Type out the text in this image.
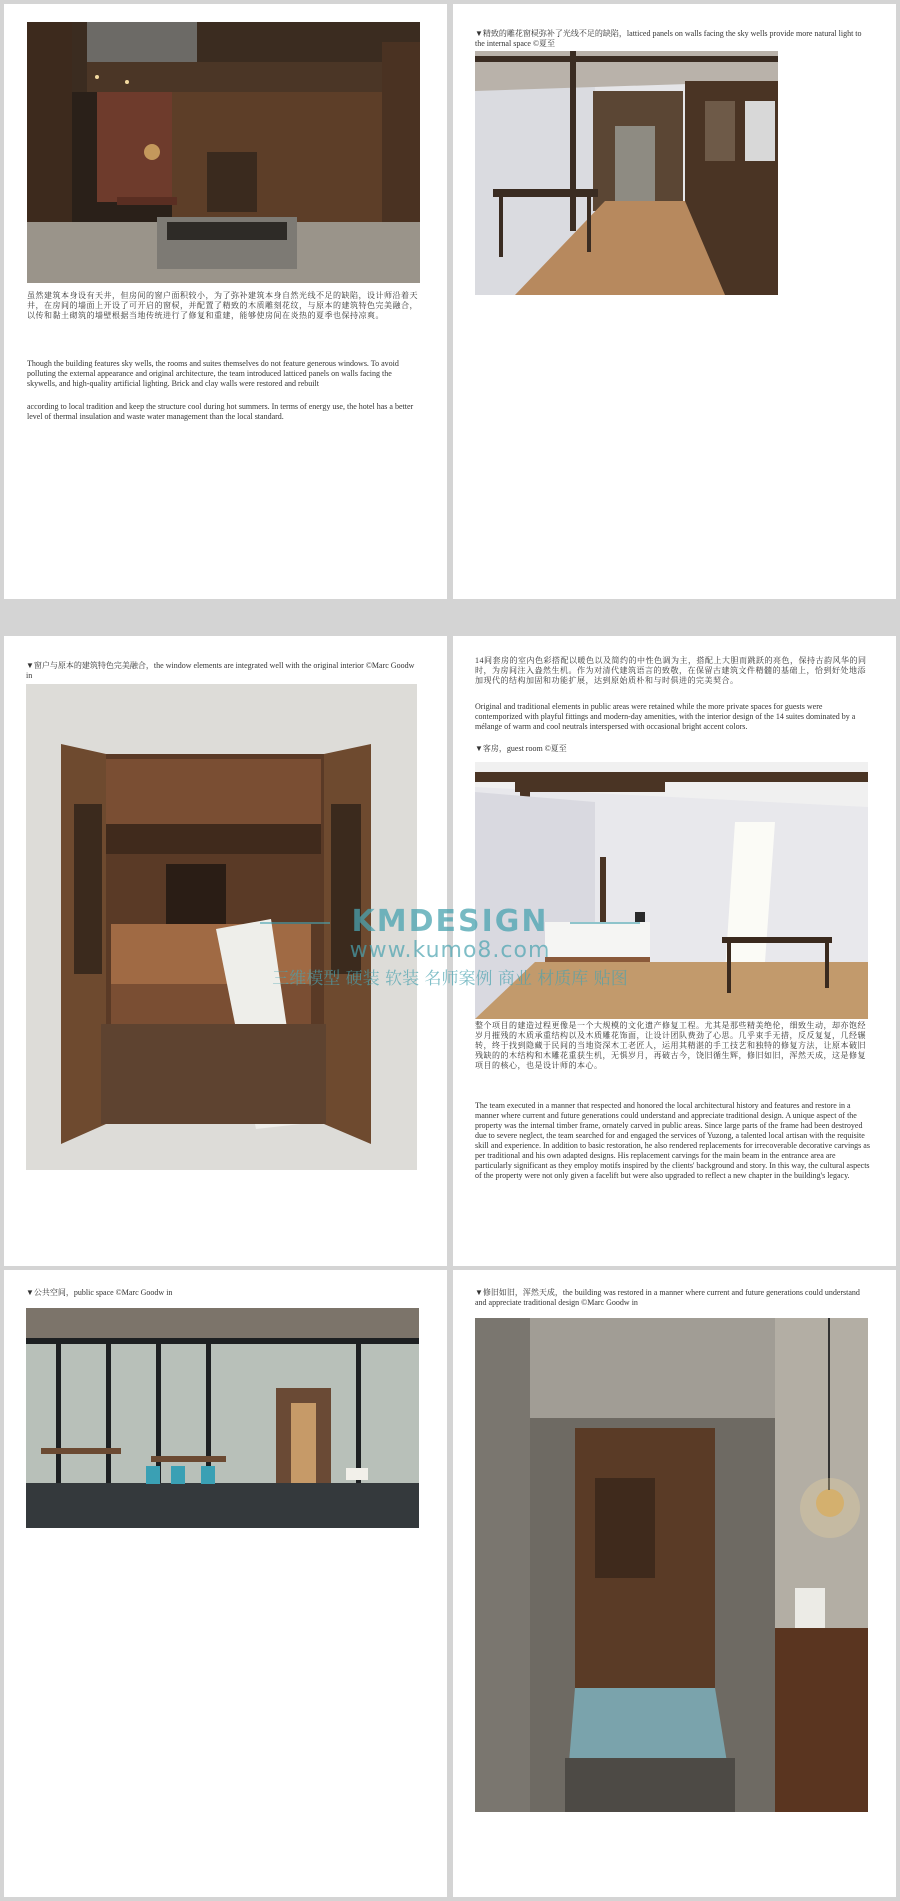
虽然建筑本身设有天井，但房间的窗户面积较小，为了弥补建筑本身自然光线不足的缺陷，设计师沿着天井，在房间的墙面上开设了可开启的窗棂，并配置了精致的木质雕刻花纹，与原本的建筑特色完美融合，以传和黏土砌筑的墙壁根据当地传统进行了修复和重建，能够使房间在炎热的夏季也保持凉爽。

Though the building features sky wells, the rooms and suites themselves do not feature generous windows. To avoid polluting the external appearance and original architecture, the team introduced latticed panels on walls facing the skywells, and high-quality artificial lighting. Brick and clay walls were restored and rebuilt

according to local tradition and keep the structure cool during hot summers. In terms of energy use, the hotel has a better level of thermal insulation and waste water management than the local standard.

▼精致的雕花窗棂弥补了光线不足的缺陷，latticed panels on walls facing the sky wells provide more natural light to the internal space ©夏至

▼窗户与原本的建筑特色完美融合，the window elements are integrated well with the original interior ©Marc Goodw in

14间套房的室内色彩搭配以暖色以及简约的中性色调为主，搭配上大胆而跳跃的亮色，保持古韵风华的同时，为房间注入盎然生机。作为对清代建筑语言的致敬，在保留古建筑文件精髓的基础上，恰到好处地添加现代的结构加固和功能扩展，达到原始质朴和与时俱进的完美契合。

Original and traditional elements in public areas were retained while the more private spaces for guests were contemporized with playful fittings and modern-day amenities, with the interior design of the 14 suites dominated by a mélange of warm and cool neutrals interspersed with occasional bright accent colors.

▼客房，guest room ©夏至

整个项目的建造过程更像是一个大规模的文化遗产修复工程。尤其是那些精美绝伦，细致生动，却亦饱经岁月摧残的木质承重结构以及木质雕花饰面，让设计团队费劲了心思。几乎束手无措，反反复复，几经辗转，终于找到隐藏于民间的当地资深木工老匠人，运用其精湛的手工技艺和独特的修复方法，让原本破旧残缺的的木结构和木雕花重获生机，无惧岁月，再破古今，饶旧循生辉，修旧如旧，浑然天成，这是修复项目的核心，也是设计师的本心。

The team executed in a manner that respected and honored the local architectural history and features and restore in a manner where current and future generations could understand and appreciate traditional design. A unique aspect of the property was the internal timber frame, ornately carved in public areas. Since large parts of the frame had been destroyed due to severe neglect, the team searched for and engaged the services of Yuzong, a talented local artisan with the requisite skill and experience. In addition to basic restoration, he also rendered replacements for irrecoverable decorative carvings as per traditional and his own adapted designs. His replacement carvings for the main beam in the entrance area are particularly significant as they employ motifs inspired by the clients' background and story. In this way, the cultural aspects of the property were not only given a facelift but were also upgraded to reflect a new chapter in the building's legacy.

▼公共空间，public space ©Marc Goodw in	▼修旧如旧，浑然天成，the building was restored in a manner where current and future generations could understand and appreciate traditional design ©Marc Goodw in

KMDESIGN
www.kumo8.com
三维模型 硬装 软装 名师案例 商业 材质库 贴图
